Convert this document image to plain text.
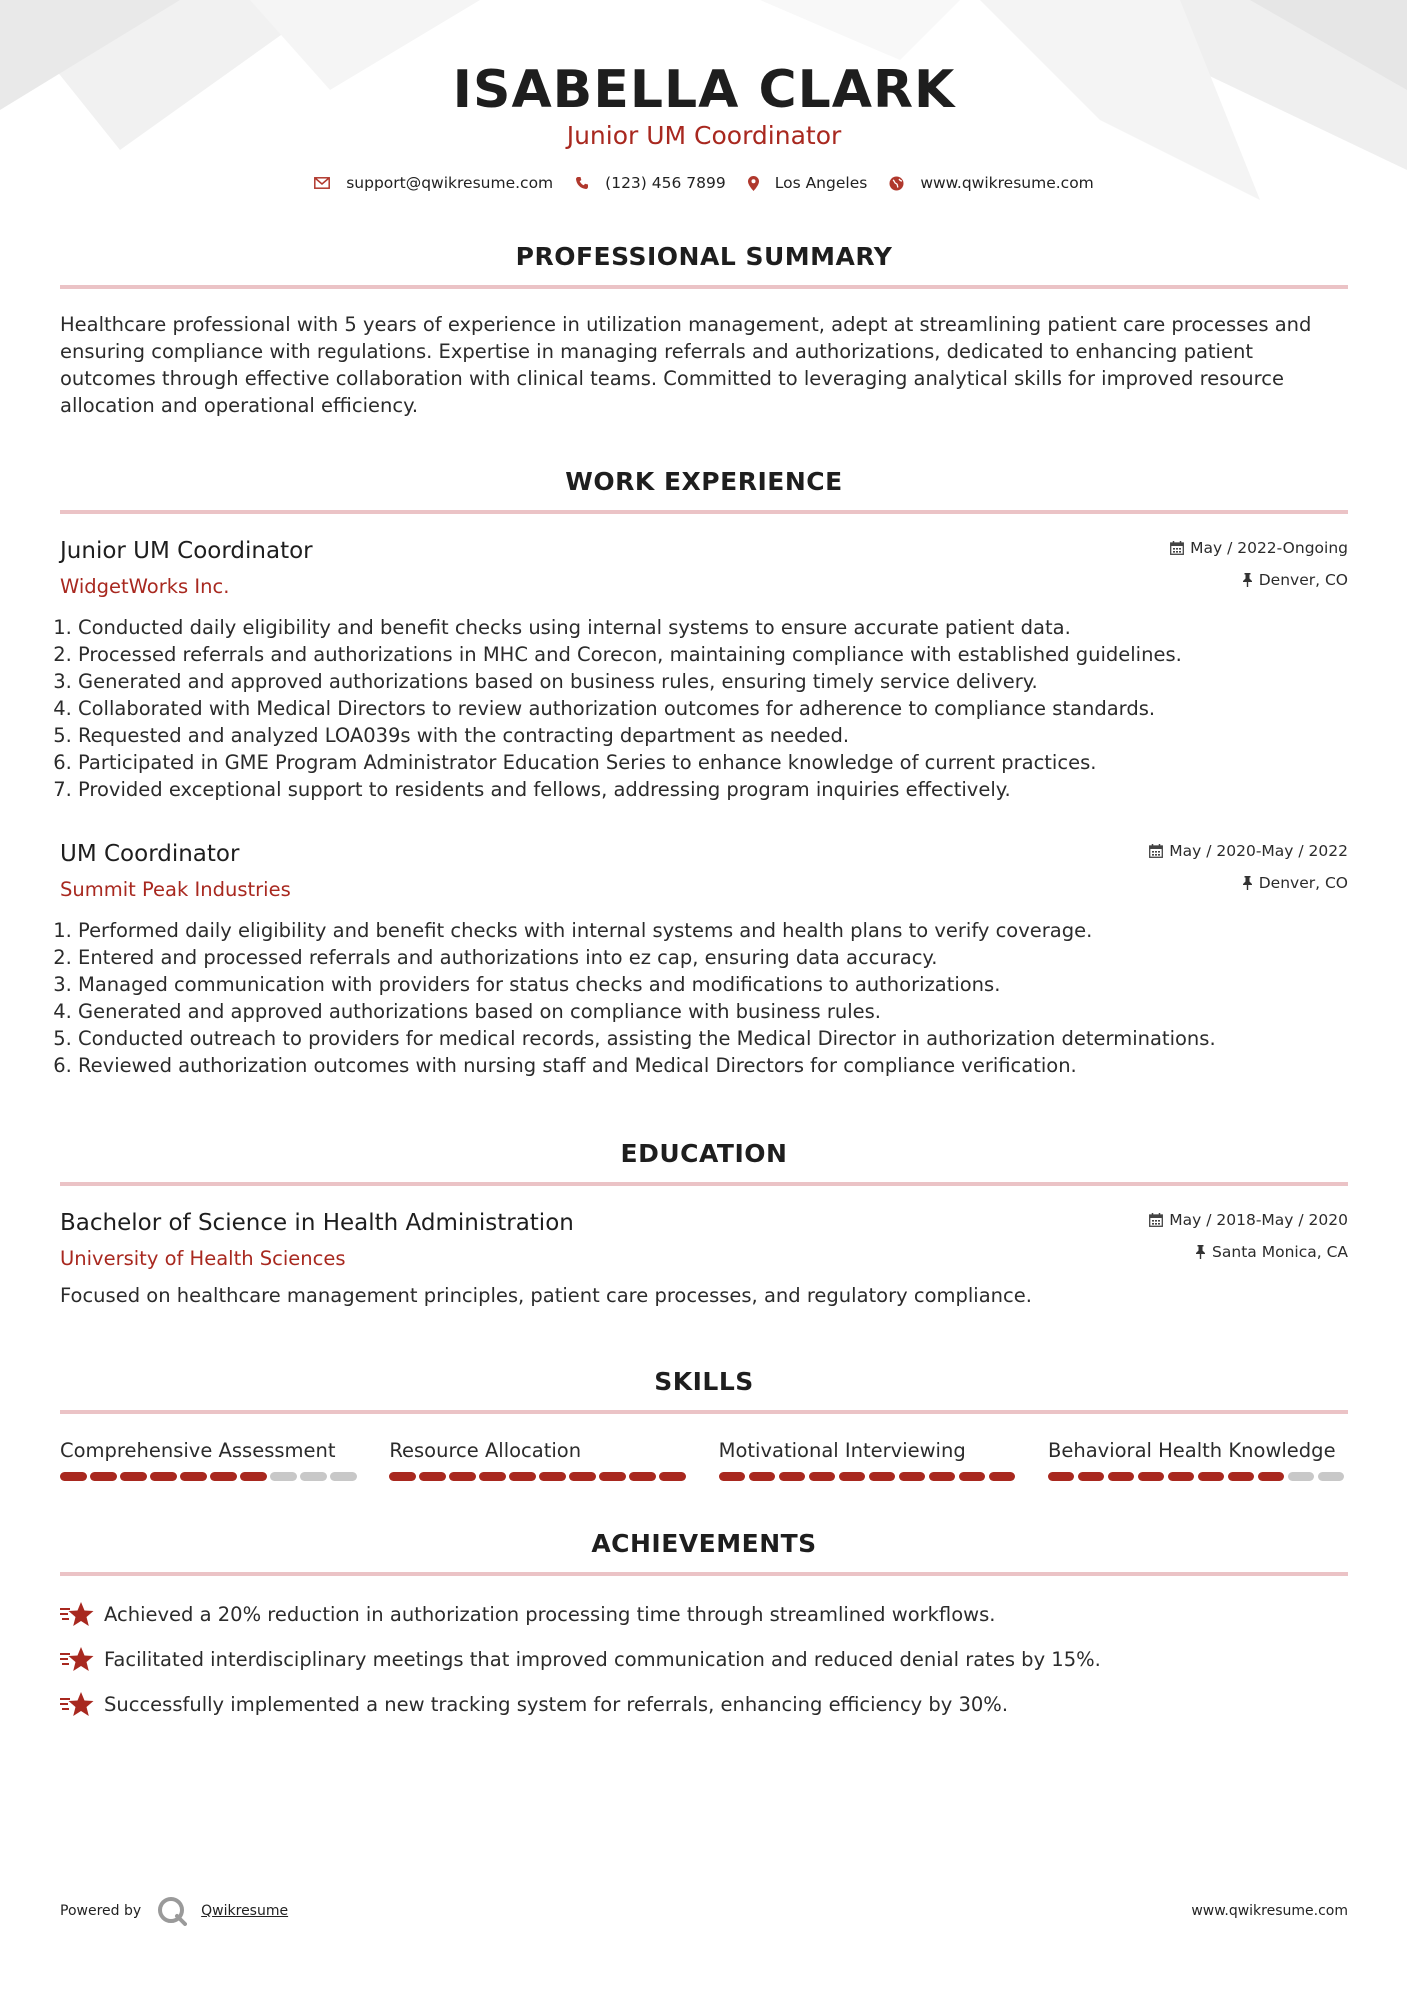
ISABELLA CLARK
Junior UM Coordinator
support@qwikresume.com	(123) 456 7899	Los Angeles	www.qwikresume.com
PROFESSIONAL SUMMARY
Healthcare professional with 5 years of experience in utilization management, adept at streamlining patient care processes and ensuring compliance with regulations. Expertise in managing referrals and authorizations, dedicated to enhancing patient outcomes through effective collaboration with clinical teams. Committed to leveraging analytical skills for improved resource allocation and operational efficiency.
WORK EXPERIENCE
Junior UM Coordinator
WidgetWorks Inc.
May / 2022-Ongoing
Denver, CO
1. Conducted daily eligibility and benefit checks using internal systems to ensure accurate patient data.
2. Processed referrals and authorizations in MHC and Corecon, maintaining compliance with established guidelines.
3. Generated and approved authorizations based on business rules, ensuring timely service delivery.
4. Collaborated with Medical Directors to review authorization outcomes for adherence to compliance standards.
5. Requested and analyzed LOA039s with the contracting department as needed.
6. Participated in GME Program Administrator Education Series to enhance knowledge of current practices.
7. Provided exceptional support to residents and fellows, addressing program inquiries effectively.
UM Coordinator
Summit Peak Industries
May / 2020-May / 2022
Denver, CO
1. Performed daily eligibility and benefit checks with internal systems and health plans to verify coverage.
2. Entered and processed referrals and authorizations into ez cap, ensuring data accuracy.
3. Managed communication with providers for status checks and modifications to authorizations.
4. Generated and approved authorizations based on compliance with business rules.
5. Conducted outreach to providers for medical records, assisting the Medical Director in authorization determinations.
6. Reviewed authorization outcomes with nursing staff and Medical Directors for compliance verification.
EDUCATION
Bachelor of Science in Health Administration
University of Health Sciences
May / 2018-May / 2020
Santa Monica, CA
Focused on healthcare management principles, patient care processes, and regulatory compliance.
SKILLS
Comprehensive Assessment	Resource Allocation	Motivational Interviewing	Behavioral Health Knowledge
ACHIEVEMENTS
Achieved a 20% reduction in authorization processing time through streamlined workflows.
Facilitated interdisciplinary meetings that improved communication and reduced denial rates by 15%.
Successfully implemented a new tracking system for referrals, enhancing efficiency by 30%.
Powered by	Qwikresume	www.qwikresume.com
